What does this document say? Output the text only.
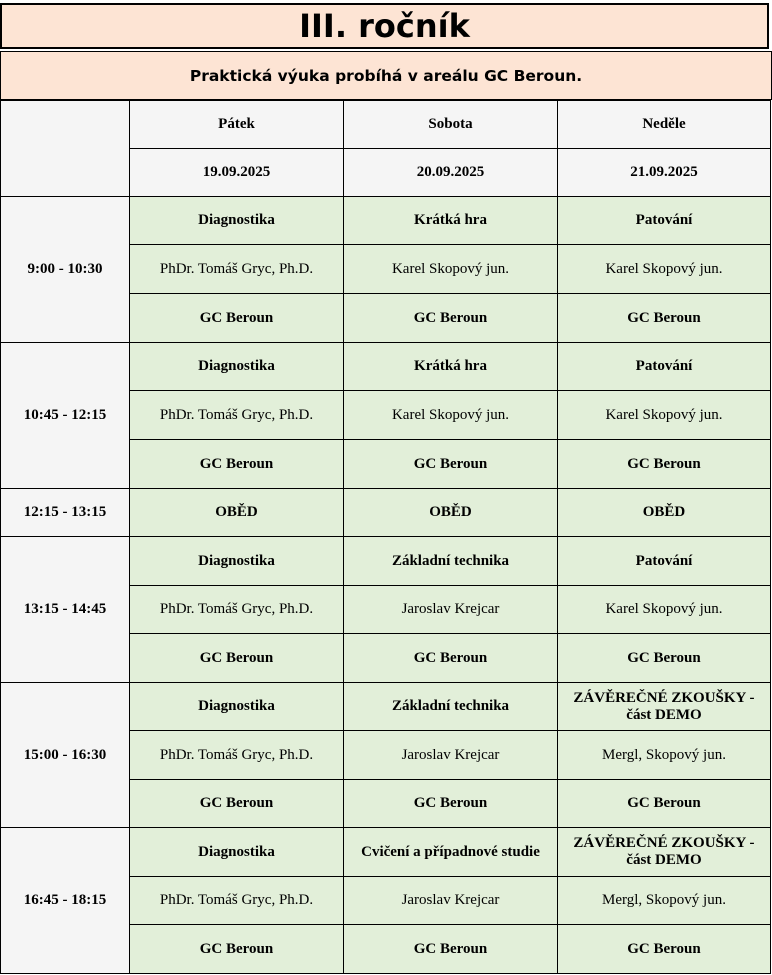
III. ročník
Praktická výuka probíhá v areálu GC Beroun.
	Pátek	Sobota	Neděle
	19.09.2025	20.09.2025	21.09.2025
9:00 - 10:30	Diagnostika	Krátká hra	Patování
	PhDr. Tomáš Gryc, Ph.D.	Karel Skopový jun.	Karel Skopový jun.
	GC Beroun	GC Beroun	GC Beroun
10:45 - 12:15	Diagnostika	Krátká hra	Patování
	PhDr. Tomáš Gryc, Ph.D.	Karel Skopový jun.	Karel Skopový jun.
	GC Beroun	GC Beroun	GC Beroun
12:15 - 13:15	OBĚD	OBĚD	OBĚD
13:15 - 14:45	Diagnostika	Základní technika	Patování
	PhDr. Tomáš Gryc, Ph.D.	Jaroslav Krejcar	Karel Skopový jun.
	GC Beroun	GC Beroun	GC Beroun
15:00 - 16:30	Diagnostika	Základní technika	ZÁVĚREČNÉ ZKOUŠKY - část DEMO
	PhDr. Tomáš Gryc, Ph.D.	Jaroslav Krejcar	Mergl, Skopový jun.
	GC Beroun	GC Beroun	GC Beroun
16:45 - 18:15	Diagnostika	Cvičení a případnové studie	ZÁVĚREČNÉ ZKOUŠKY - část DEMO
	PhDr. Tomáš Gryc, Ph.D.	Jaroslav Krejcar	Mergl, Skopový jun.
	GC Beroun	GC Beroun	GC Beroun
